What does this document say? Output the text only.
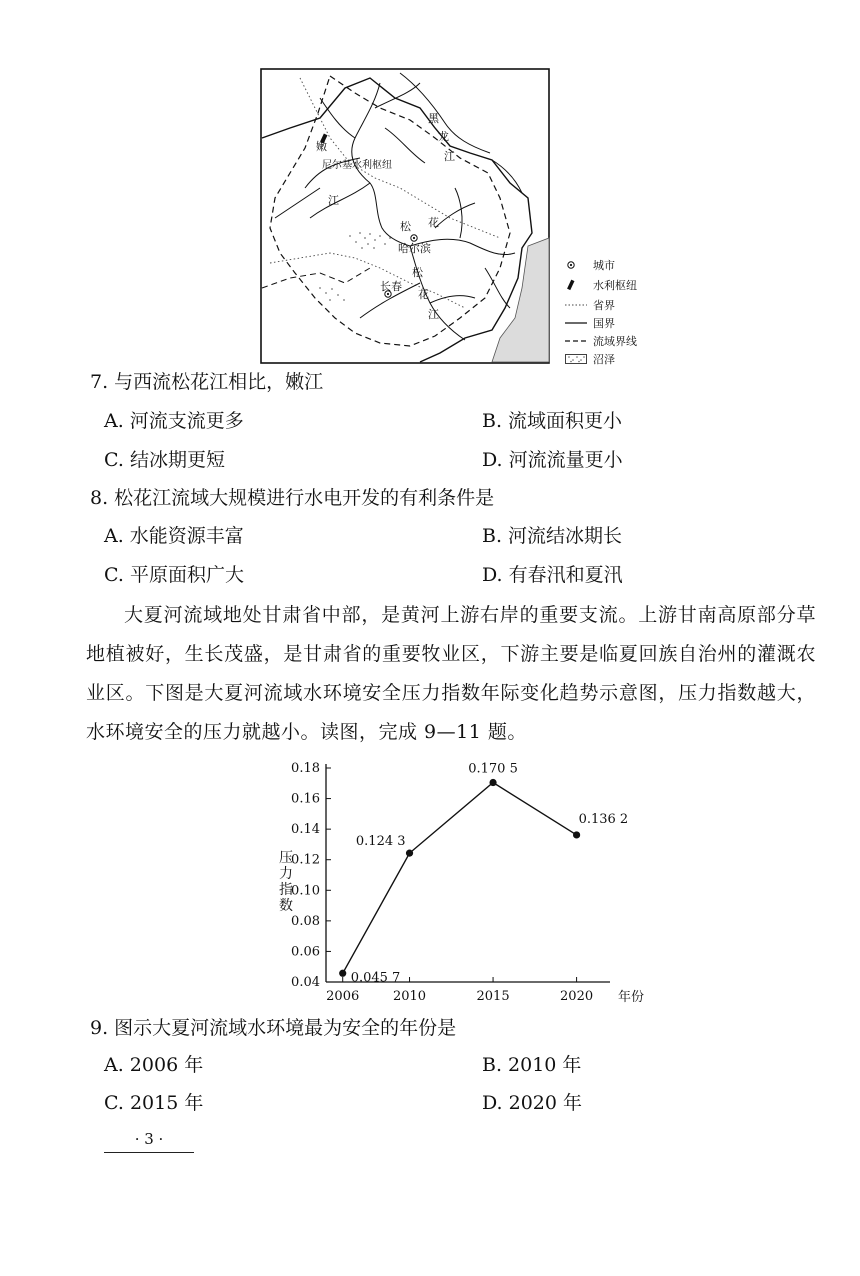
嫩
尼尔基水利枢纽
江
黑
龙
江
松 花
哈尔滨
松
长春
花
江
城市
水利枢纽
省界
国界
流域界线
沼泽
7. 与西流松花江相比，嫩江
A. 河流支流更多	B. 流域面积更小
C. 结冰期更短	D. 河流流量更小
8. 松花江流域大规模进行水电开发的有利条件是
A. 水能资源丰富	B. 河流结冰期长
C. 平原面积广大	D. 有春汛和夏汛
大夏河流域地处甘肃省中部，是黄河上游右岸的重要支流。上游甘南高原部分草地植被好，生长茂盛，是甘肃省的重要牧业区，下游主要是临夏回族自治州的灌溉农业区。下图是大夏河流域水环境安全压力指数年际变化趋势示意图，压力指数越大，水环境安全的压力就越小。读图，完成 9—11 题。
0.04
0.06
0.08
0.10
0.12
0.14
0.16
0.18
2006	2010	2015	2020
0.045 7
0.124 3
0.170 5
0.136 2
压力指数
年份
9. 图示大夏河流域水环境最为安全的年份是
A. 2006 年	B. 2010 年
C. 2015 年	D. 2020 年
· 3 ·
